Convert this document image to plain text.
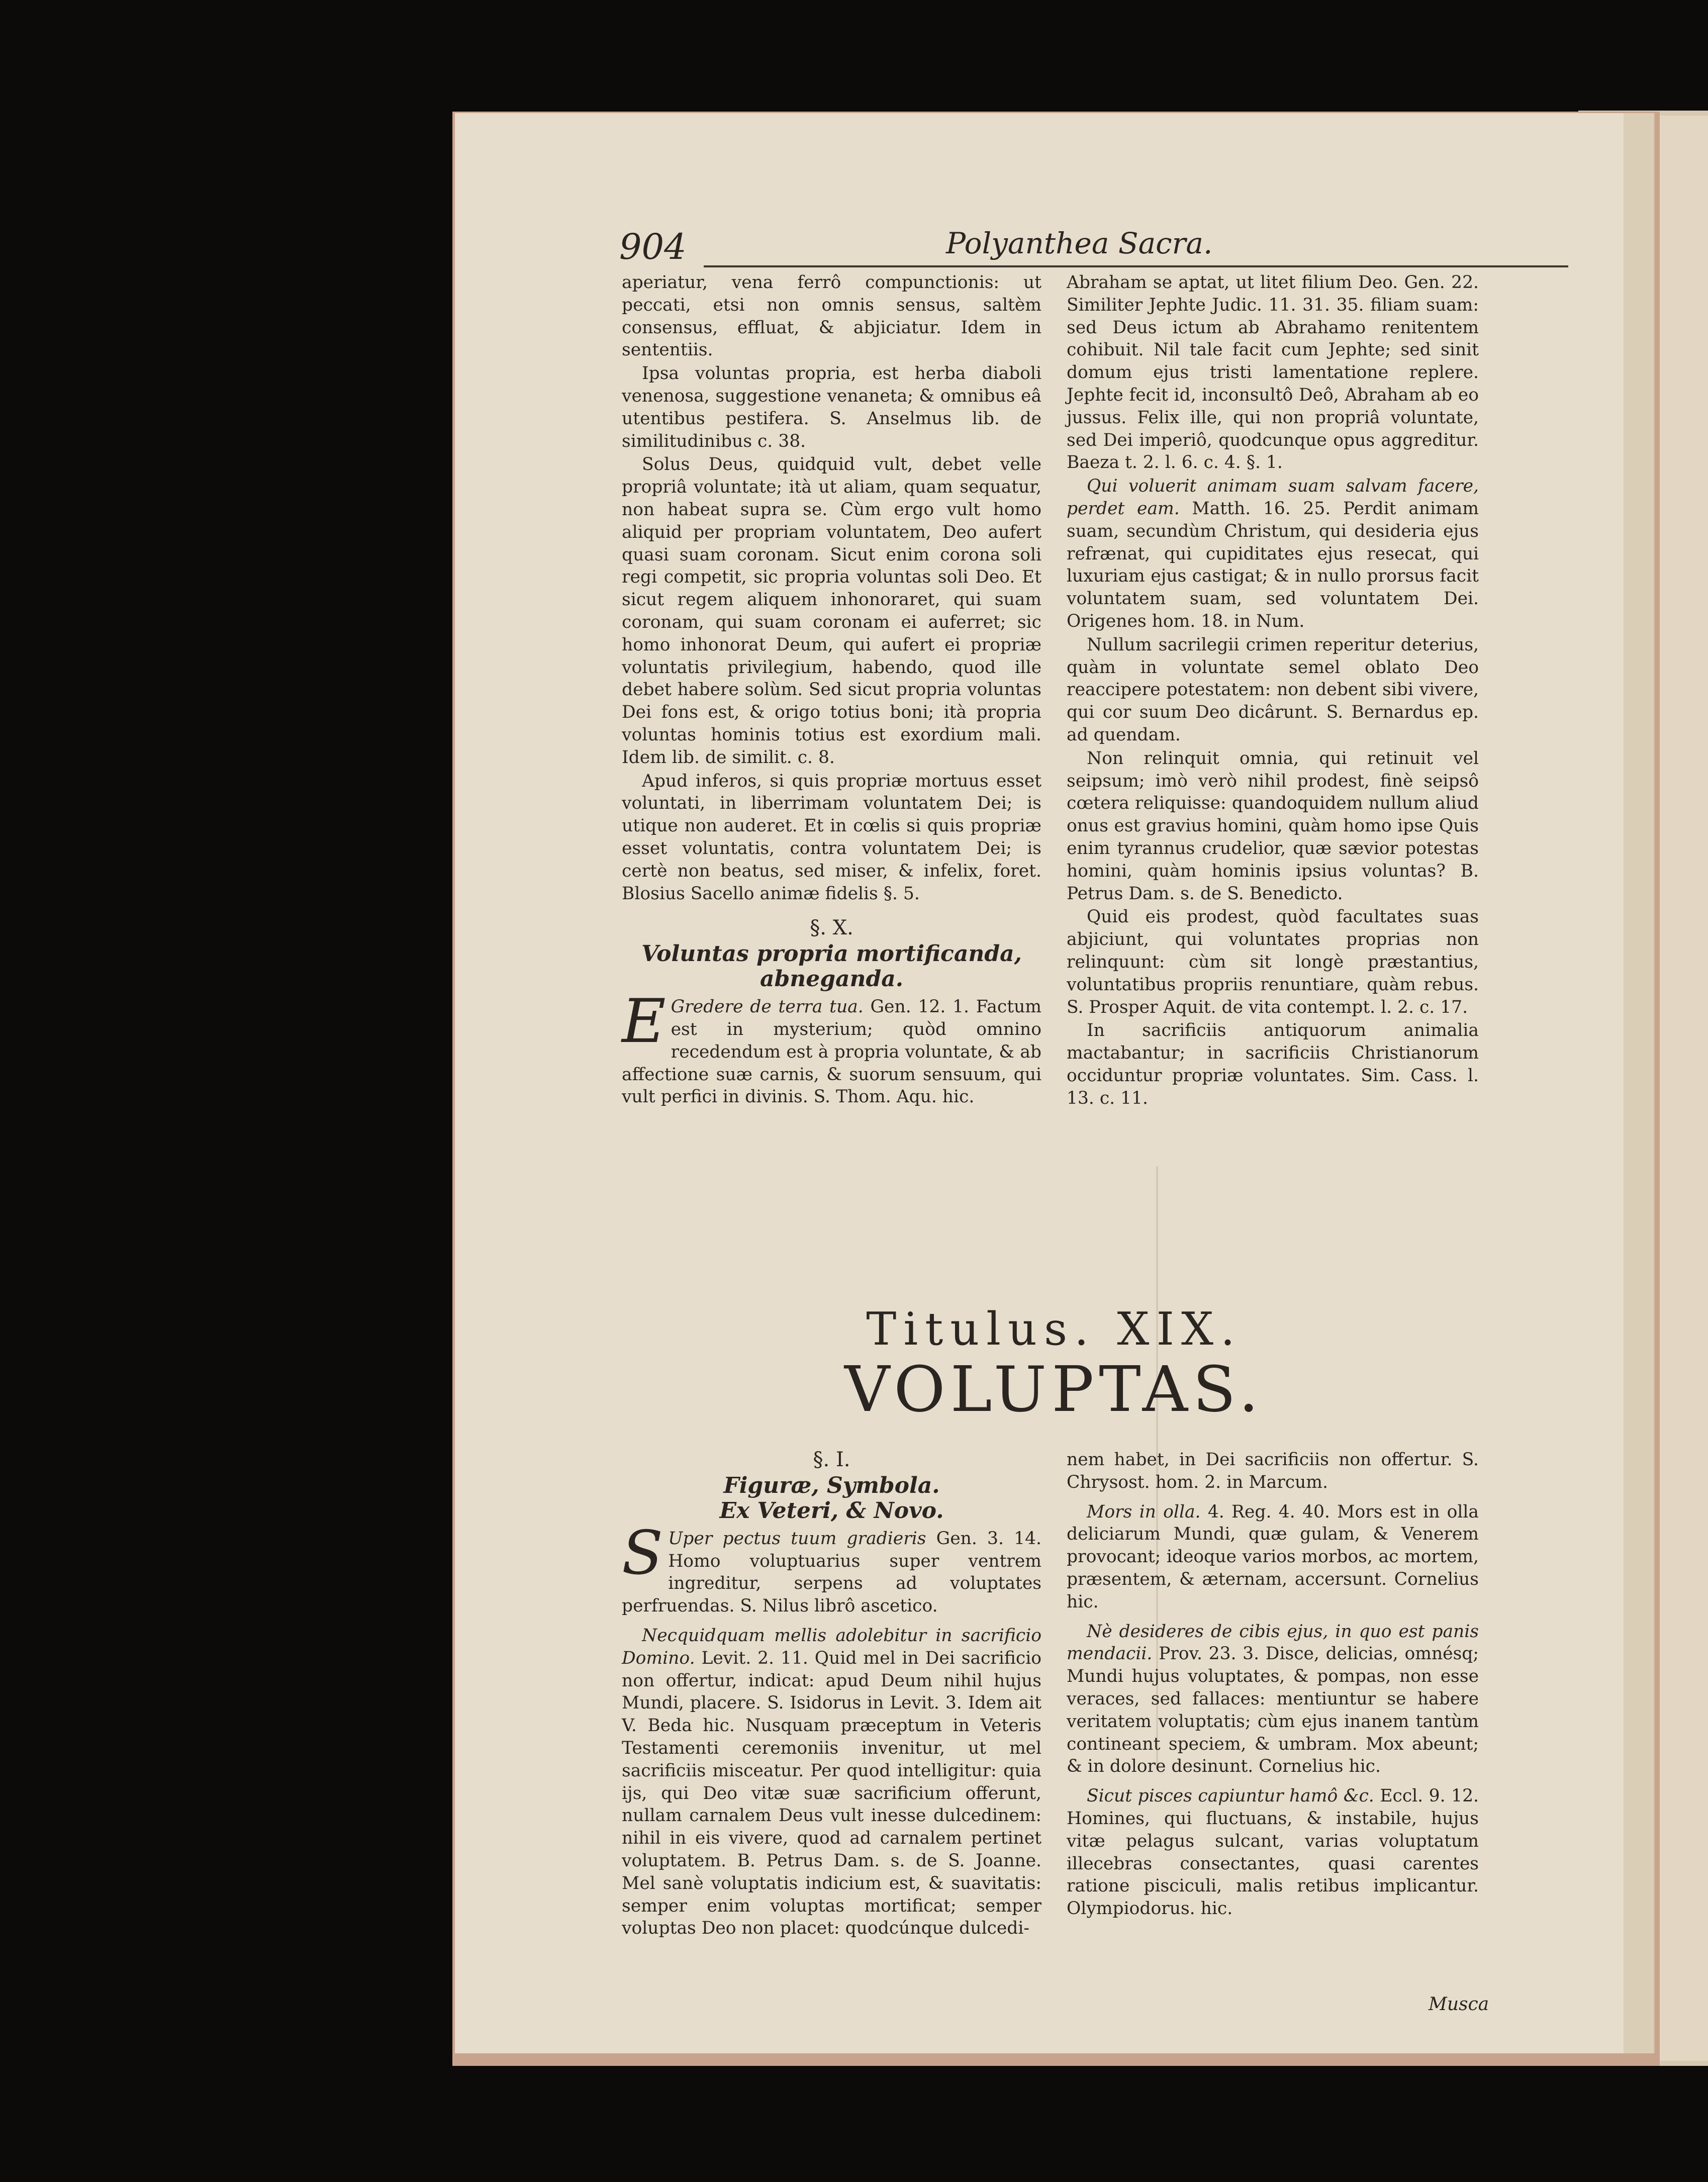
904	Polyanthea Sacra.

aperiatur, vena ferrô compunctionis: ut peccati, etsi non omnis sensus, saltèm consensus, effluat, & abjiciatur. Idem in sententiis.

Ipsa voluntas propria, est herba diaboli venenosa, suggestione venaneta; & omnibus eâ utentibus pestifera. S. Anselmus lib. de similitudinibus c. 38.

Solus Deus, quidquid vult, debet velle propriâ voluntate; ità ut aliam, quam sequatur, non habeat supra se. Cùm ergo vult homo aliquid per propriam voluntatem, Deo aufert quasi suam coronam. Sicut enim corona soli regi competit, sic propria voluntas soli Deo. Et sicut regem aliquem inhonoraret, qui suam coronam, qui suam coronam ei auferret; sic homo inhonorat Deum, qui aufert ei propriæ voluntatis privilegium, habendo, quod ille debet habere solùm. Sed sicut propria voluntas Dei fons est, & origo totius boni; ità propria voluntas hominis totius est exordium mali. Idem lib. de similit. c. 8.

Apud inferos, si quis propriæ mortuus esset voluntati, in liberrimam voluntatem Dei; is utique non auderet. Et in cœlis si quis propriæ esset voluntatis, contra voluntatem Dei; is certè non beatus, sed miser, & infelix, foret. Blosius Sacello animæ fidelis §. 5.

§. X.
Voluntas propria mortificanda, abneganda.

E Gredere de terra tua. Gen. 12. 1. Factum est in mysterium; quòd omnino recedendum est à propria voluntate, & ab affectione suæ carnis, & suorum sensuum, qui vult perfici in divinis. S. Thom. Aqu. hic.

Abraham se aptat, ut litet filium Deo. Gen. 22. Similiter Jephte Judic. 11. 31. 35. filiam suam: sed Deus ictum ab Abrahamo renitentem cohibuit. Nil tale facit cum Jephte; sed sinit domum ejus tristi lamentatione replere. Jephte fecit id, inconsultô Deô, Abraham ab eo jussus. Felix ille, qui non propriâ voluntate, sed Dei imperiô, quodcunque opus aggreditur. Baeza t. 2. l. 6. c. 4. §. 1.

Qui voluerit animam suam salvam facere, perdet eam. Matth. 16. 25. Perdit animam suam, secundùm Christum, qui desideria ejus refrænat, qui cupiditates ejus resecat, qui luxuriam ejus castigat; & in nullo prorsus facit voluntatem suam, sed voluntatem Dei. Origenes hom. 18. in Num.

Nullum sacrilegii crimen reperitur deterius, quàm in voluntate semel oblato Deo reaccipere potestatem: non debent sibi vivere, qui cor suum Deo dicârunt. S. Bernardus ep. ad quendam.

Non relinquit omnia, qui retinuit vel seipsum; imò verò nihil prodest, finè seipsô cœtera reliquisse: quandoquidem nullum aliud onus est gravius homini, quàm homo ipse Quis enim tyrannus crudelior, quæ sævior potestas homini, quàm hominis ipsius voluntas? B. Petrus Dam. s. de S. Benedicto.

Quid eis prodest, quòd facultates suas abjiciunt, qui voluntates proprias non relinquunt: cùm sit longè præstantius, voluntatibus propriis renuntiare, quàm rebus. S. Prosper Aquit. de vita contempt. l. 2. c. 17.

In sacrificiis antiquorum animalia mactabantur; in sacrificiis Christianorum occiduntur propriæ voluntates. Sim. Cass. l. 13. c. 11.

Titulus. XIX.
VOLUPTAS.
§. I.
Figuræ, Symbola.
Ex Veteri, & Novo.

S Uper pectus tuum gradieris Gen. 3. 14. Homo voluptuarius super ventrem ingreditur, serpens ad voluptates perfruendas. S. Nilus librô ascetico.

Necquidquam mellis adolebitur in sacrificio Domino. Levit. 2. 11. Quid mel in Dei sacrificio non offertur, indicat: apud Deum nihil hujus Mundi, placere. S. Isidorus in Levit. 3. Idem ait V. Beda hic. Nusquam præceptum in Veteris Testamenti ceremoniis invenitur, ut mel sacrificiis misceatur. Per quod intelligitur: quia ijs, qui Deo vitæ suæ sacrificium offerunt, nullam carnalem Deus vult inesse dulcedinem: nihil in eis vivere, quod ad carnalem pertinet voluptatem. B. Petrus Dam. s. de S. Joanne. Mel sanè voluptatis indicium est, & suavitatis: semper enim voluptas mortificat; semper voluptas Deo non placet: quodcúnque dulcedi-

nem habet, in Dei sacrificiis non offertur. S. Chrysost. hom. 2. in Marcum.

Mors in olla. 4. Reg. 4. 40. Mors est in olla deliciarum Mundi, quæ gulam, & Venerem provocant; ideoque varios morbos, ac mortem, præsentem, & æternam, accersunt. Cornelius hic.

Nè desideres de cibis ejus, in quo est panis mendacii. Prov. 23. 3. Disce, delicias, omnésq; Mundi hujus voluptates, & pompas, non esse veraces, sed fallaces: mentiuntur se habere veritatem voluptatis; cùm ejus inanem tantùm contineant speciem, & umbram. Mox abeunt; & in dolore desinunt. Cornelius hic.

Sicut pisces capiuntur hamô &c. Eccl. 9. 12. Homines, qui fluctuans, & instabile, hujus vitæ pelagus sulcant, varias voluptatum illecebras consectantes, quasi carentes ratione pisciculi, malis retibus implicantur. Olympiodorus. hic.

Musca
